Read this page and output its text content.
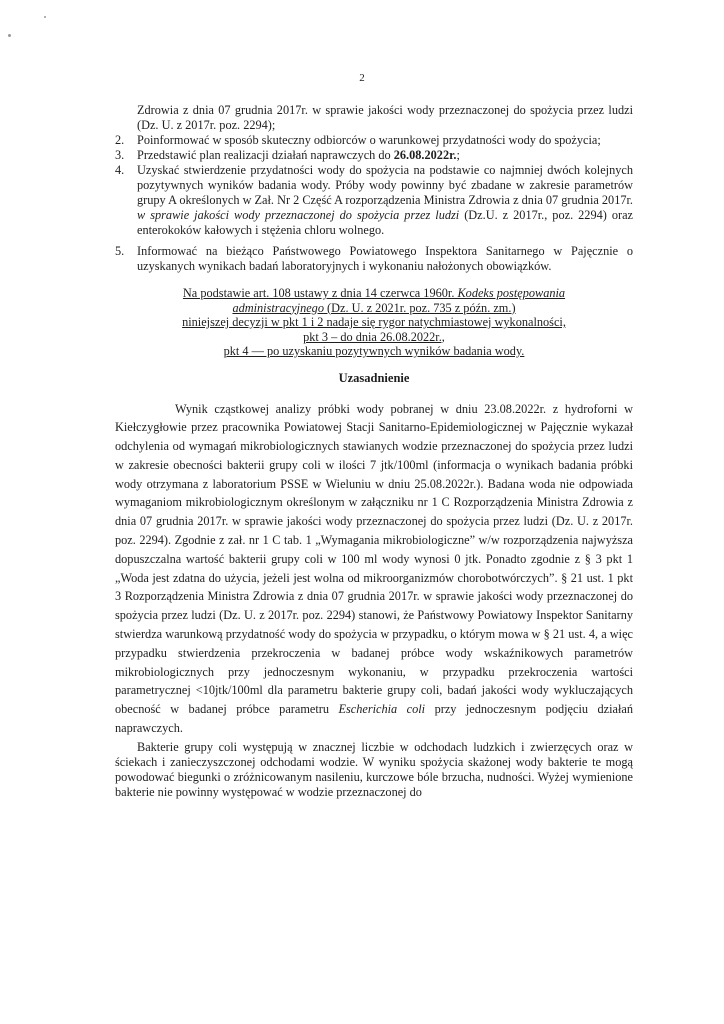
2
Zdrowia z dnia 07 grudnia 2017r. w sprawie jakości wody przeznaczonej do spożycia przez ludzi (Dz. U. z 2017r. poz. 2294);
2. Poinformować w sposób skuteczny odbiorców o warunkowej przydatności wody do spożycia;
3. Przedstawić plan realizacji działań naprawczych do 26.08.2022r.;
4. Uzyskać stwierdzenie przydatności wody do spożycia na podstawie co najmniej dwóch kolejnych pozytywnych wyników badania wody. Próby wody powinny być zbadane w zakresie parametrów grupy A określonych w Zał. Nr 2 Część A rozporządzenia Ministra Zdrowia z dnia 07 grudnia 2017r. w sprawie jakości wody przeznaczonej do spożycia przez ludzi (Dz.U. z 2017r., poz. 2294) oraz enterokoków kałowych i stężenia chloru wolnego.
5. Informować na bieżąco Państwowego Powiatowego Inspektora Sanitarnego w Pajęcznie o uzyskanych wynikach badań laboratoryjnych i wykonaniu nałożonych obowiązków.
Na podstawie art. 108 ustawy z dnia 14 czerwca 1960r. Kodeks postępowania
administracyjnego (Dz. U. z 2021r. poz. 735 z późn. zm.)
niniejszej decyzji w pkt 1 i 2 nadaje się rygor natychmiastowej wykonalności,
pkt 3 – do dnia 26.08.2022r.,
pkt 4 — po uzyskaniu pozytywnych wyników badania wody.
Uzasadnienie

Wynik cząstkowej analizy próbki wody pobranej w dniu 23.08.2022r. z hydroforni w Kiełczygłowie przez pracownika Powiatowej Stacji Sanitarno-Epidemiologicznej w Pajęcznie wykazał odchylenia od wymagań mikrobiologicznych stawianych wodzie przeznaczonej do spożycia przez ludzi w zakresie obecności bakterii grupy coli w ilości 7 jtk/100ml (informacja o wynikach badania próbki wody otrzymana z laboratorium PSSE w Wieluniu w dniu 25.08.2022r.). Badana woda nie odpowiada wymaganiom mikrobiologicznym określonym w załączniku nr 1 C Rozporządzenia Ministra Zdrowia z dnia 07 grudnia 2017r. w sprawie jakości wody przeznaczonej do spożycia przez ludzi (Dz. U. z 2017r. poz. 2294). Zgodnie z zał. nr 1 C tab. 1 „Wymagania mikrobiologiczne” w/w rozporządzenia najwyższa dopuszczalna wartość bakterii grupy coli w 100 ml wody wynosi 0 jtk. Ponadto zgodnie z § 3 pkt 1 „Woda jest zdatna do użycia, jeżeli jest wolna od mikroorganizmów chorobotwórczych”. § 21 ust. 1 pkt 3 Rozporządzenia Ministra Zdrowia z dnia 07 grudnia 2017r. w sprawie jakości wody przeznaczonej do spożycia przez ludzi (Dz. U. z 2017r. poz. 2294) stanowi, że Państwowy Powiatowy Inspektor Sanitarny stwierdza warunkową przydatność wody do spożycia w przypadku, o którym mowa w § 21 ust. 4, a więc przypadku stwierdzenia przekroczenia w badanej próbce wody wskaźnikowych parametrów mikrobiologicznych przy jednoczesnym wykonaniu, w przypadku przekroczenia wartości parametrycznej <10jtk/100ml dla parametru bakterie grupy coli, badań jakości wody wykluczających obecność w badanej próbce parametru Escherichia coli przy jednoczesnym podjęciu działań naprawczych.

Bakterie grupy coli występują w znacznej liczbie w odchodach ludzkich i zwierzęcych oraz w ściekach i zanieczyszczonej odchodami wodzie. W wyniku spożycia skażonej wody bakterie te mogą powodować biegunki o zróżnicowanym nasileniu, kurczowe bóle brzucha, nudności. Wyżej wymienione bakterie nie powinny występować w wodzie przeznaczonej do
